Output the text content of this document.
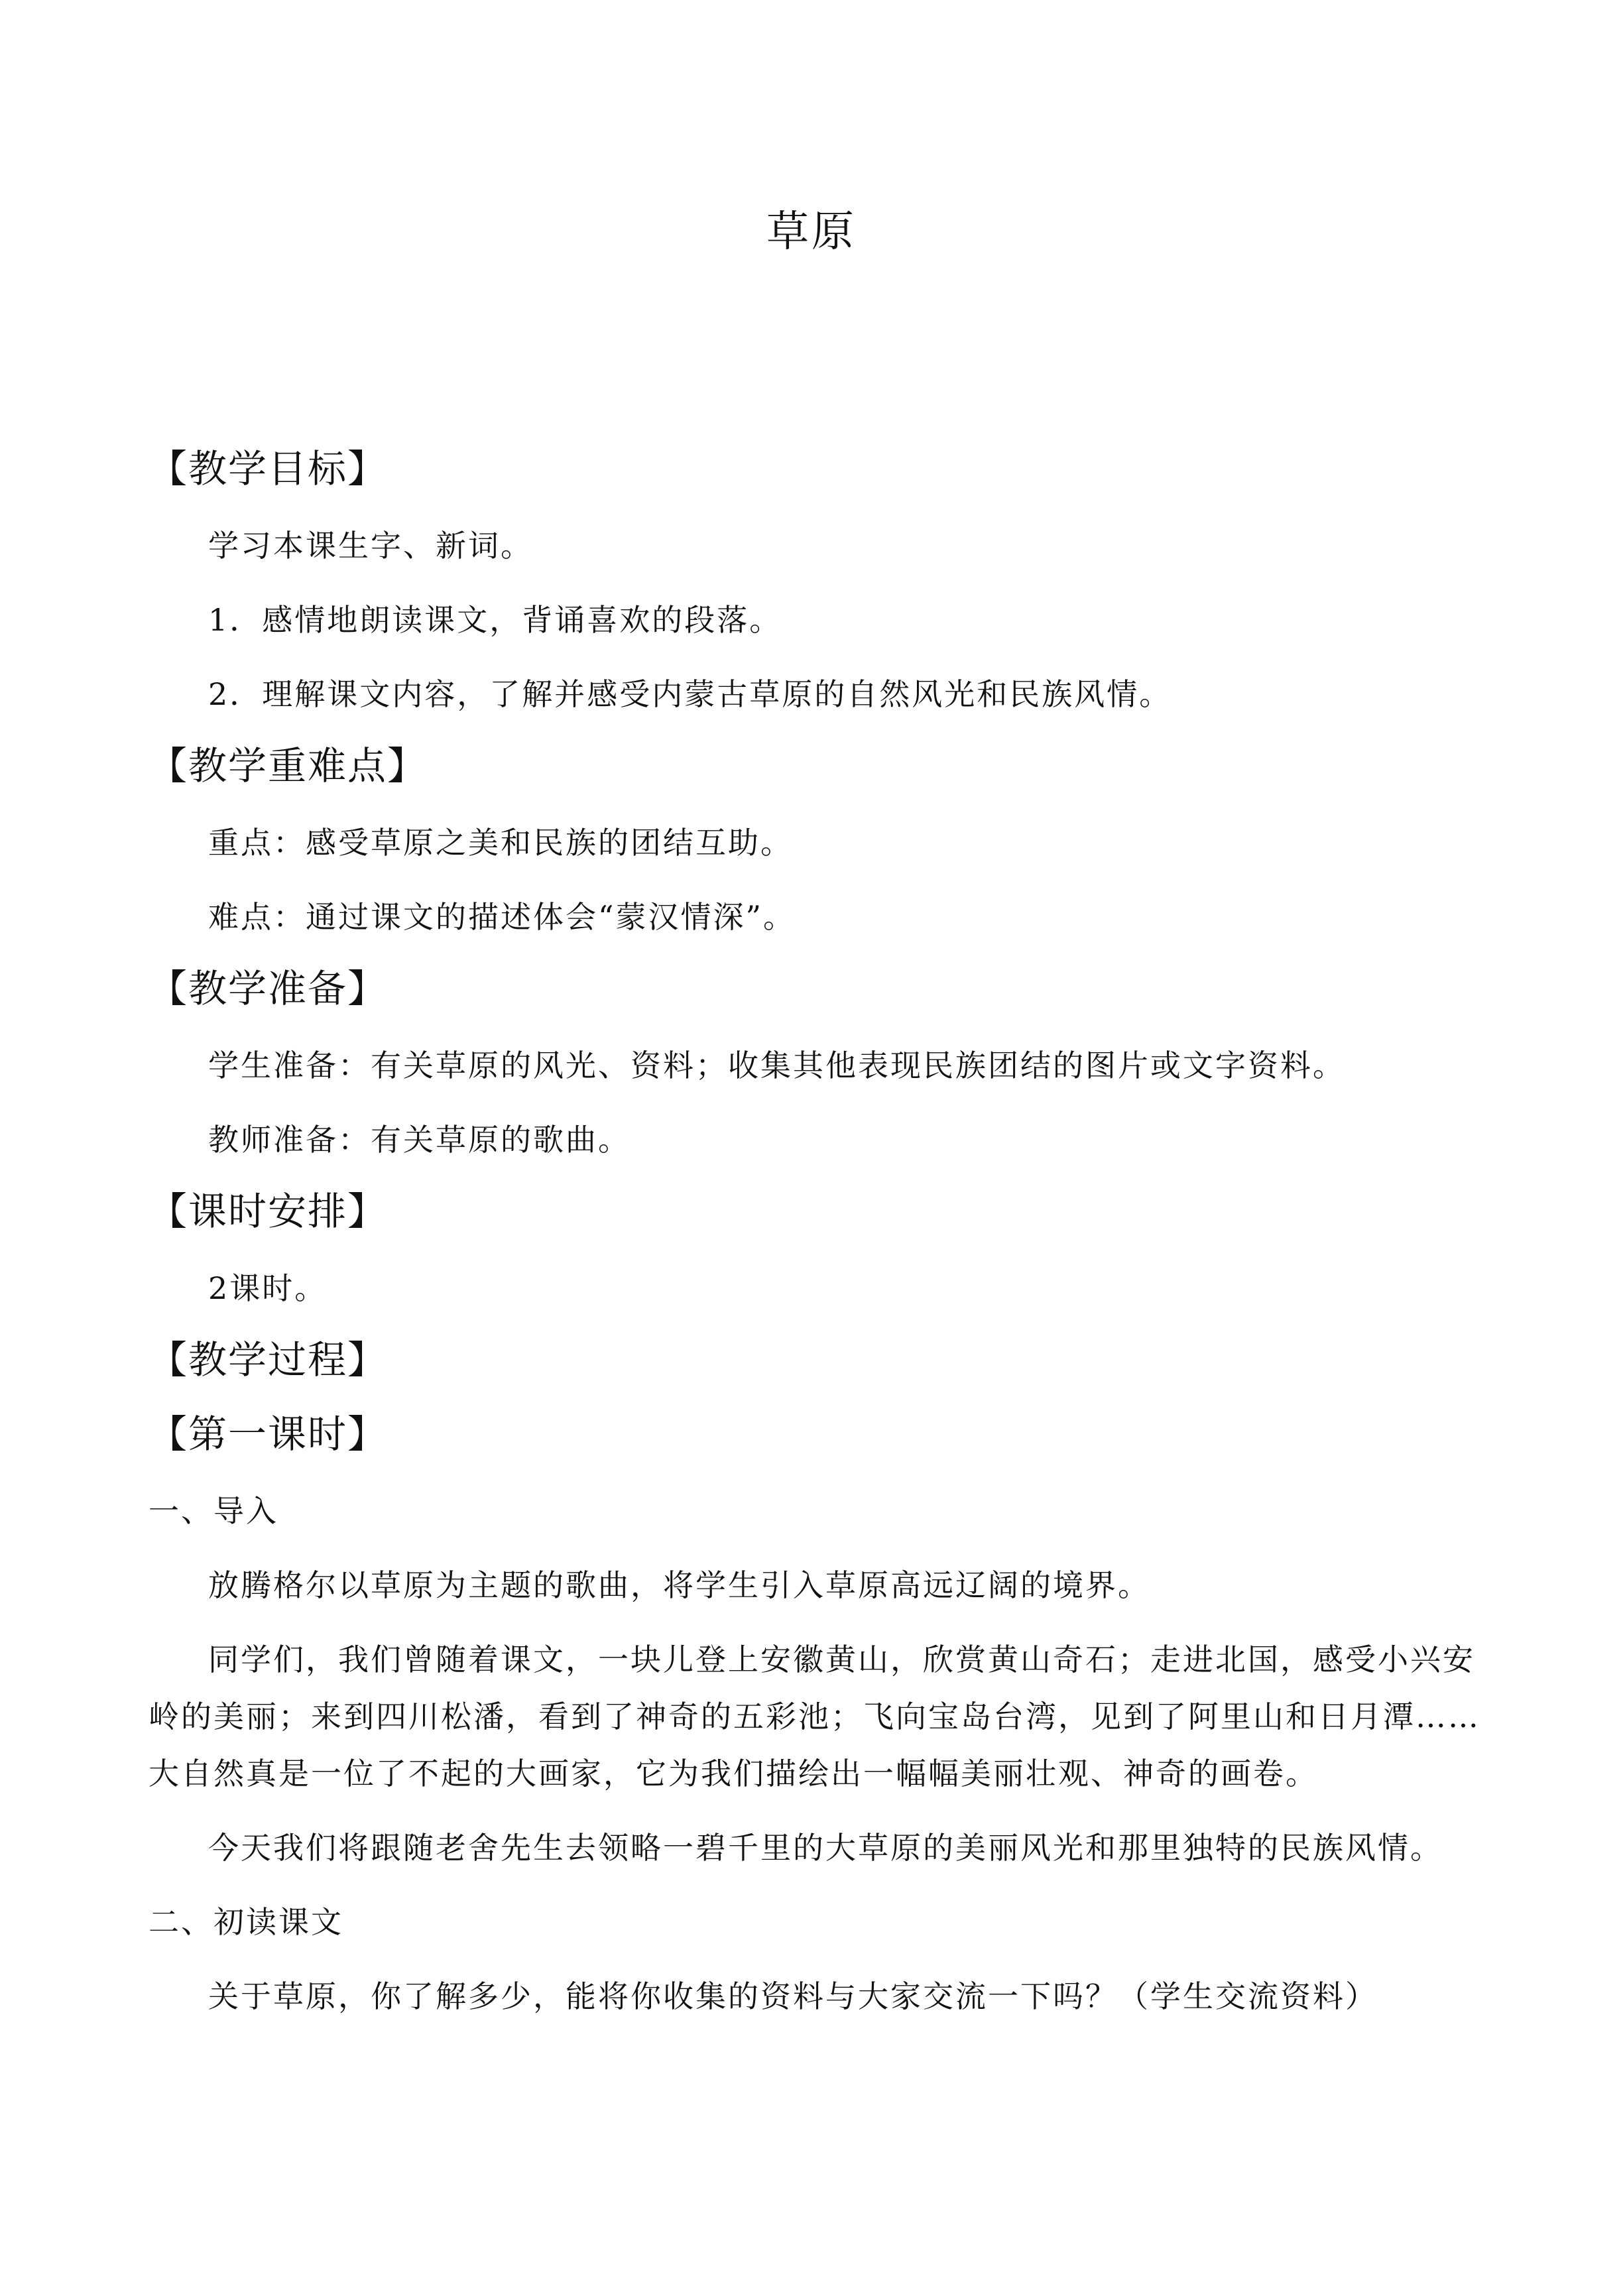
草原
【教学目标】
学习本课生字、新词。
1．感情地朗读课文，背诵喜欢的段落。
2．理解课文内容，了解并感受内蒙古草原的自然风光和民族风情。
【教学重难点】
重点：感受草原之美和民族的团结互助。
难点：通过课文的描述体会“蒙汉情深”。
【教学准备】
学生准备：有关草原的风光、资料；收集其他表现民族团结的图片或文字资料。
教师准备：有关草原的歌曲。
【课时安排】
2课时。
【教学过程】
【第一课时】
一、导入
放腾格尔以草原为主题的歌曲，将学生引入草原高远辽阔的境界。
同学们，我们曾随着课文，一块儿登上安徽黄山，欣赏黄山奇石；走进北国，感受小兴安
岭的美丽；来到四川松潘，看到了神奇的五彩池；飞向宝岛台湾，见到了阿里山和日月潭……
大自然真是一位了不起的大画家，它为我们描绘出一幅幅美丽壮观、神奇的画卷。
今天我们将跟随老舍先生去领略一碧千里的大草原的美丽风光和那里独特的民族风情。
二、初读课文
关于草原，你了解多少，能将你收集的资料与大家交流一下吗？（学生交流资料）
